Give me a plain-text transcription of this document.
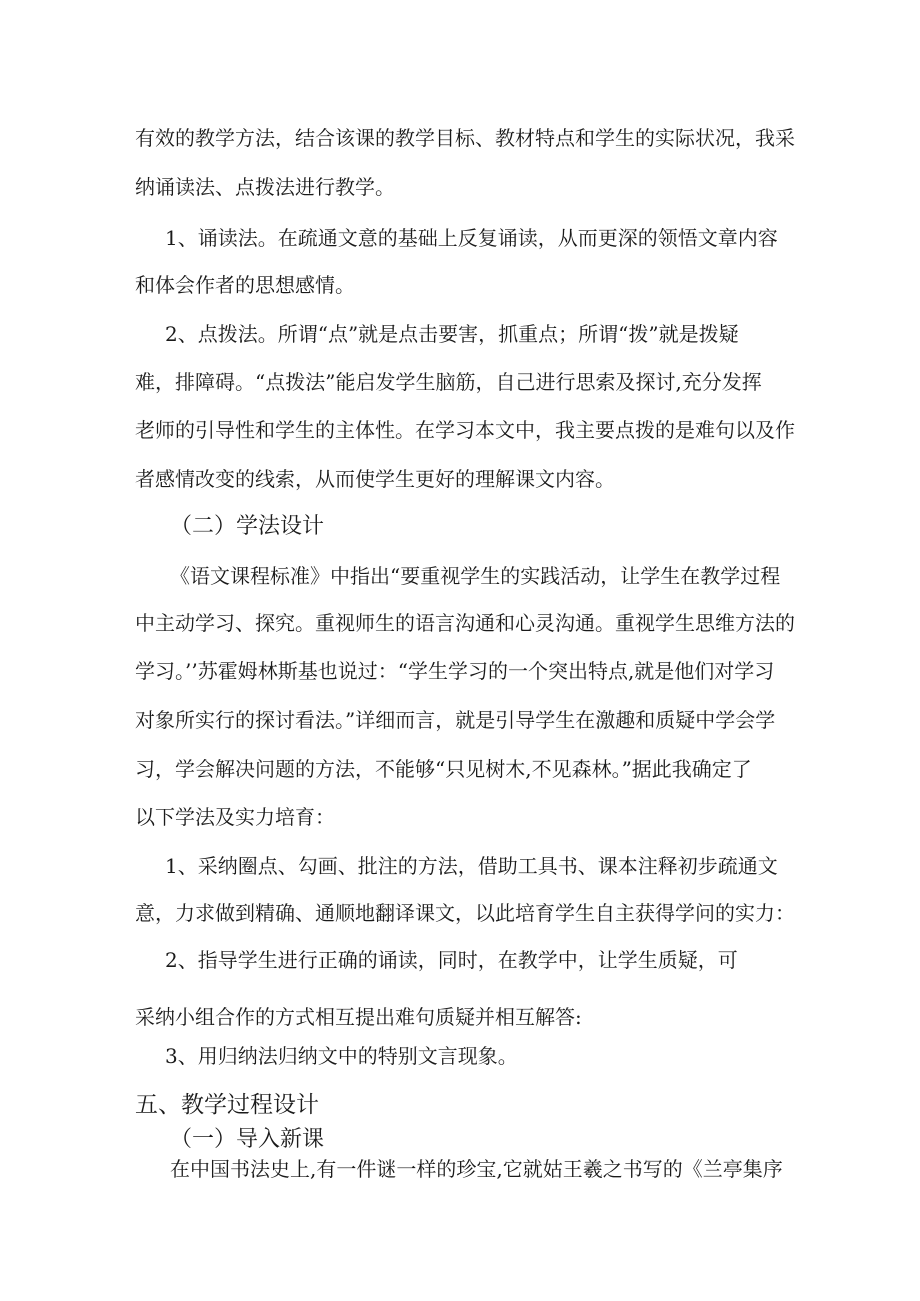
有效的教学方法，结合该课的教学目标、教材特点和学生的实际状况，我采
纳诵读法、点拨法进行教学。
1、诵读法。在疏通文意的基础上反复诵读，从而更深的领悟文章内容
和体会作者的思想感情。
2、点拨法。所谓“点”就是点击要害，抓重点；所谓“拨”就是拨疑
难，排障碍。“点拨法”能启发学生脑筋，自己进行思索及探讨,充分发挥
老师的引导性和学生的主体性。在学习本文中，我主要点拨的是难句以及作
者感情改变的线索，从而使学生更好的理解课文内容。
（二）学法设计
《语文课程标准》中指出“要重视学生的实践活动，让学生在教学过程
中主动学习、探究。重视师生的语言沟通和心灵沟通。重视学生思维方法的
学习。’’苏霍姆林斯基也说过：“学生学习的一个突出特点,就是他们对学习
对象所实行的探讨看法。”详细而言，就是引导学生在激趣和质疑中学会学
习，学会解决问题的方法，不能够“只见树木,不见森林。”据此我确定了
以下学法及实力培育：
1、采纳圈点、勾画、批注的方法，借助工具书、课本注释初步疏通文
意，力求做到精确、通顺地翻译课文，以此培育学生自主获得学问的实力：
2、指导学生进行正确的诵读，同时，在教学中，让学生质疑，可
采纳小组合作的方式相互提出难句质疑并相互解答:
3、用归纳法归纳文中的特别文言现象。
五、教学过程设计
（一）导入新课
在中国书法史上,有一件谜一样的珍宝,它就姑王羲之书写的《兰亭集序
